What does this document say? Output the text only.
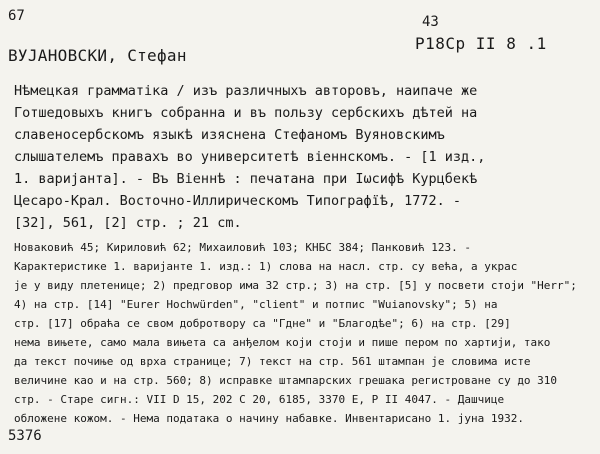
67	43
P18Cp II 8 .1
ВУЈАНОВСКИ, Стефан
Нѣмецкая грамматіка / изъ различныхъ авторовъ, наипаче же
Готшедовыхъ книгъ собранна и въ пользу сербскихъ дѣтей на
славеносербскомъ языкѣ изяснена Стефаномъ Вуяновскимъ
слышателемъ правахъ во университетѣ віеннскомъ. - [1 изд.,
1. варијанта]. - Въ Віеннѣ : печатана при Іωсифѣ Курцбекѣ
Цесаро-Крал. Восточно-Иллирическомъ Типографїѣ, 1772. -
[32], 561, [2] стр. ; 21 cm.
Новаковић 45; Кириловић 62; Михаиловић 103; КНБС 384; Панковић 123. -
Карактеристике 1. варијанте 1. изд.: 1) слова на насл. стр. су већа, а украс
је у виду плетенице; 2) предговор има 32 стр.; 3) на стр. [5] у посвети стоји "Herr";
4) на стр. [14] "Eurer Hochwürden", "client" и потпис "Wuianovsky"; 5) на
стр. [17] обраћа се свом добротвору са "Гдне" и "Благодѣе"; 6) на стр. [29]
нема вињете, само мала вињета са анђелом који стоји и пише пером по хартији, тако
да текст почиње од врха странице; 7) текст на стр. 561 штампан је словима исте
величине као и на стр. 560; 8) исправке штампарских грешака регистроване су до 310
стр. - Старе сигн.: VII D 15, 202 C 20, 6185, 3370 E, P II 4047. - Дашчице
обложене кожом. - Нема података о начину набавке. Инвентарисано 1. јуна 1932.
5376
